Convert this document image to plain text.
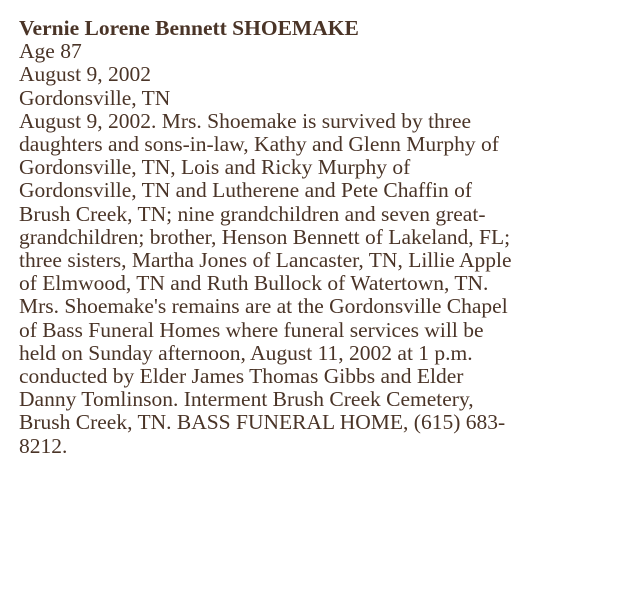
Vernie Lorene Bennett SHOEMAKE
Age 87
August 9, 2002
Gordonsville, TN
August 9, 2002. Mrs. Shoemake is survived by three
daughters and sons-in-law, Kathy and Glenn Murphy of
Gordonsville, TN, Lois and Ricky Murphy of
Gordonsville, TN and Lutherene and Pete Chaffin of
Brush Creek, TN; nine grandchildren and seven great-
grandchildren; brother, Henson Bennett of Lakeland, FL;
three sisters, Martha Jones of Lancaster, TN, Lillie Apple
of Elmwood, TN and Ruth Bullock of Watertown, TN.
Mrs. Shoemake's remains are at the Gordonsville Chapel
of Bass Funeral Homes where funeral services will be
held on Sunday afternoon, August 11, 2002 at 1 p.m.
conducted by Elder James Thomas Gibbs and Elder
Danny Tomlinson. Interment Brush Creek Cemetery,
Brush Creek, TN. BASS FUNERAL HOME, (615) 683-
8212.
